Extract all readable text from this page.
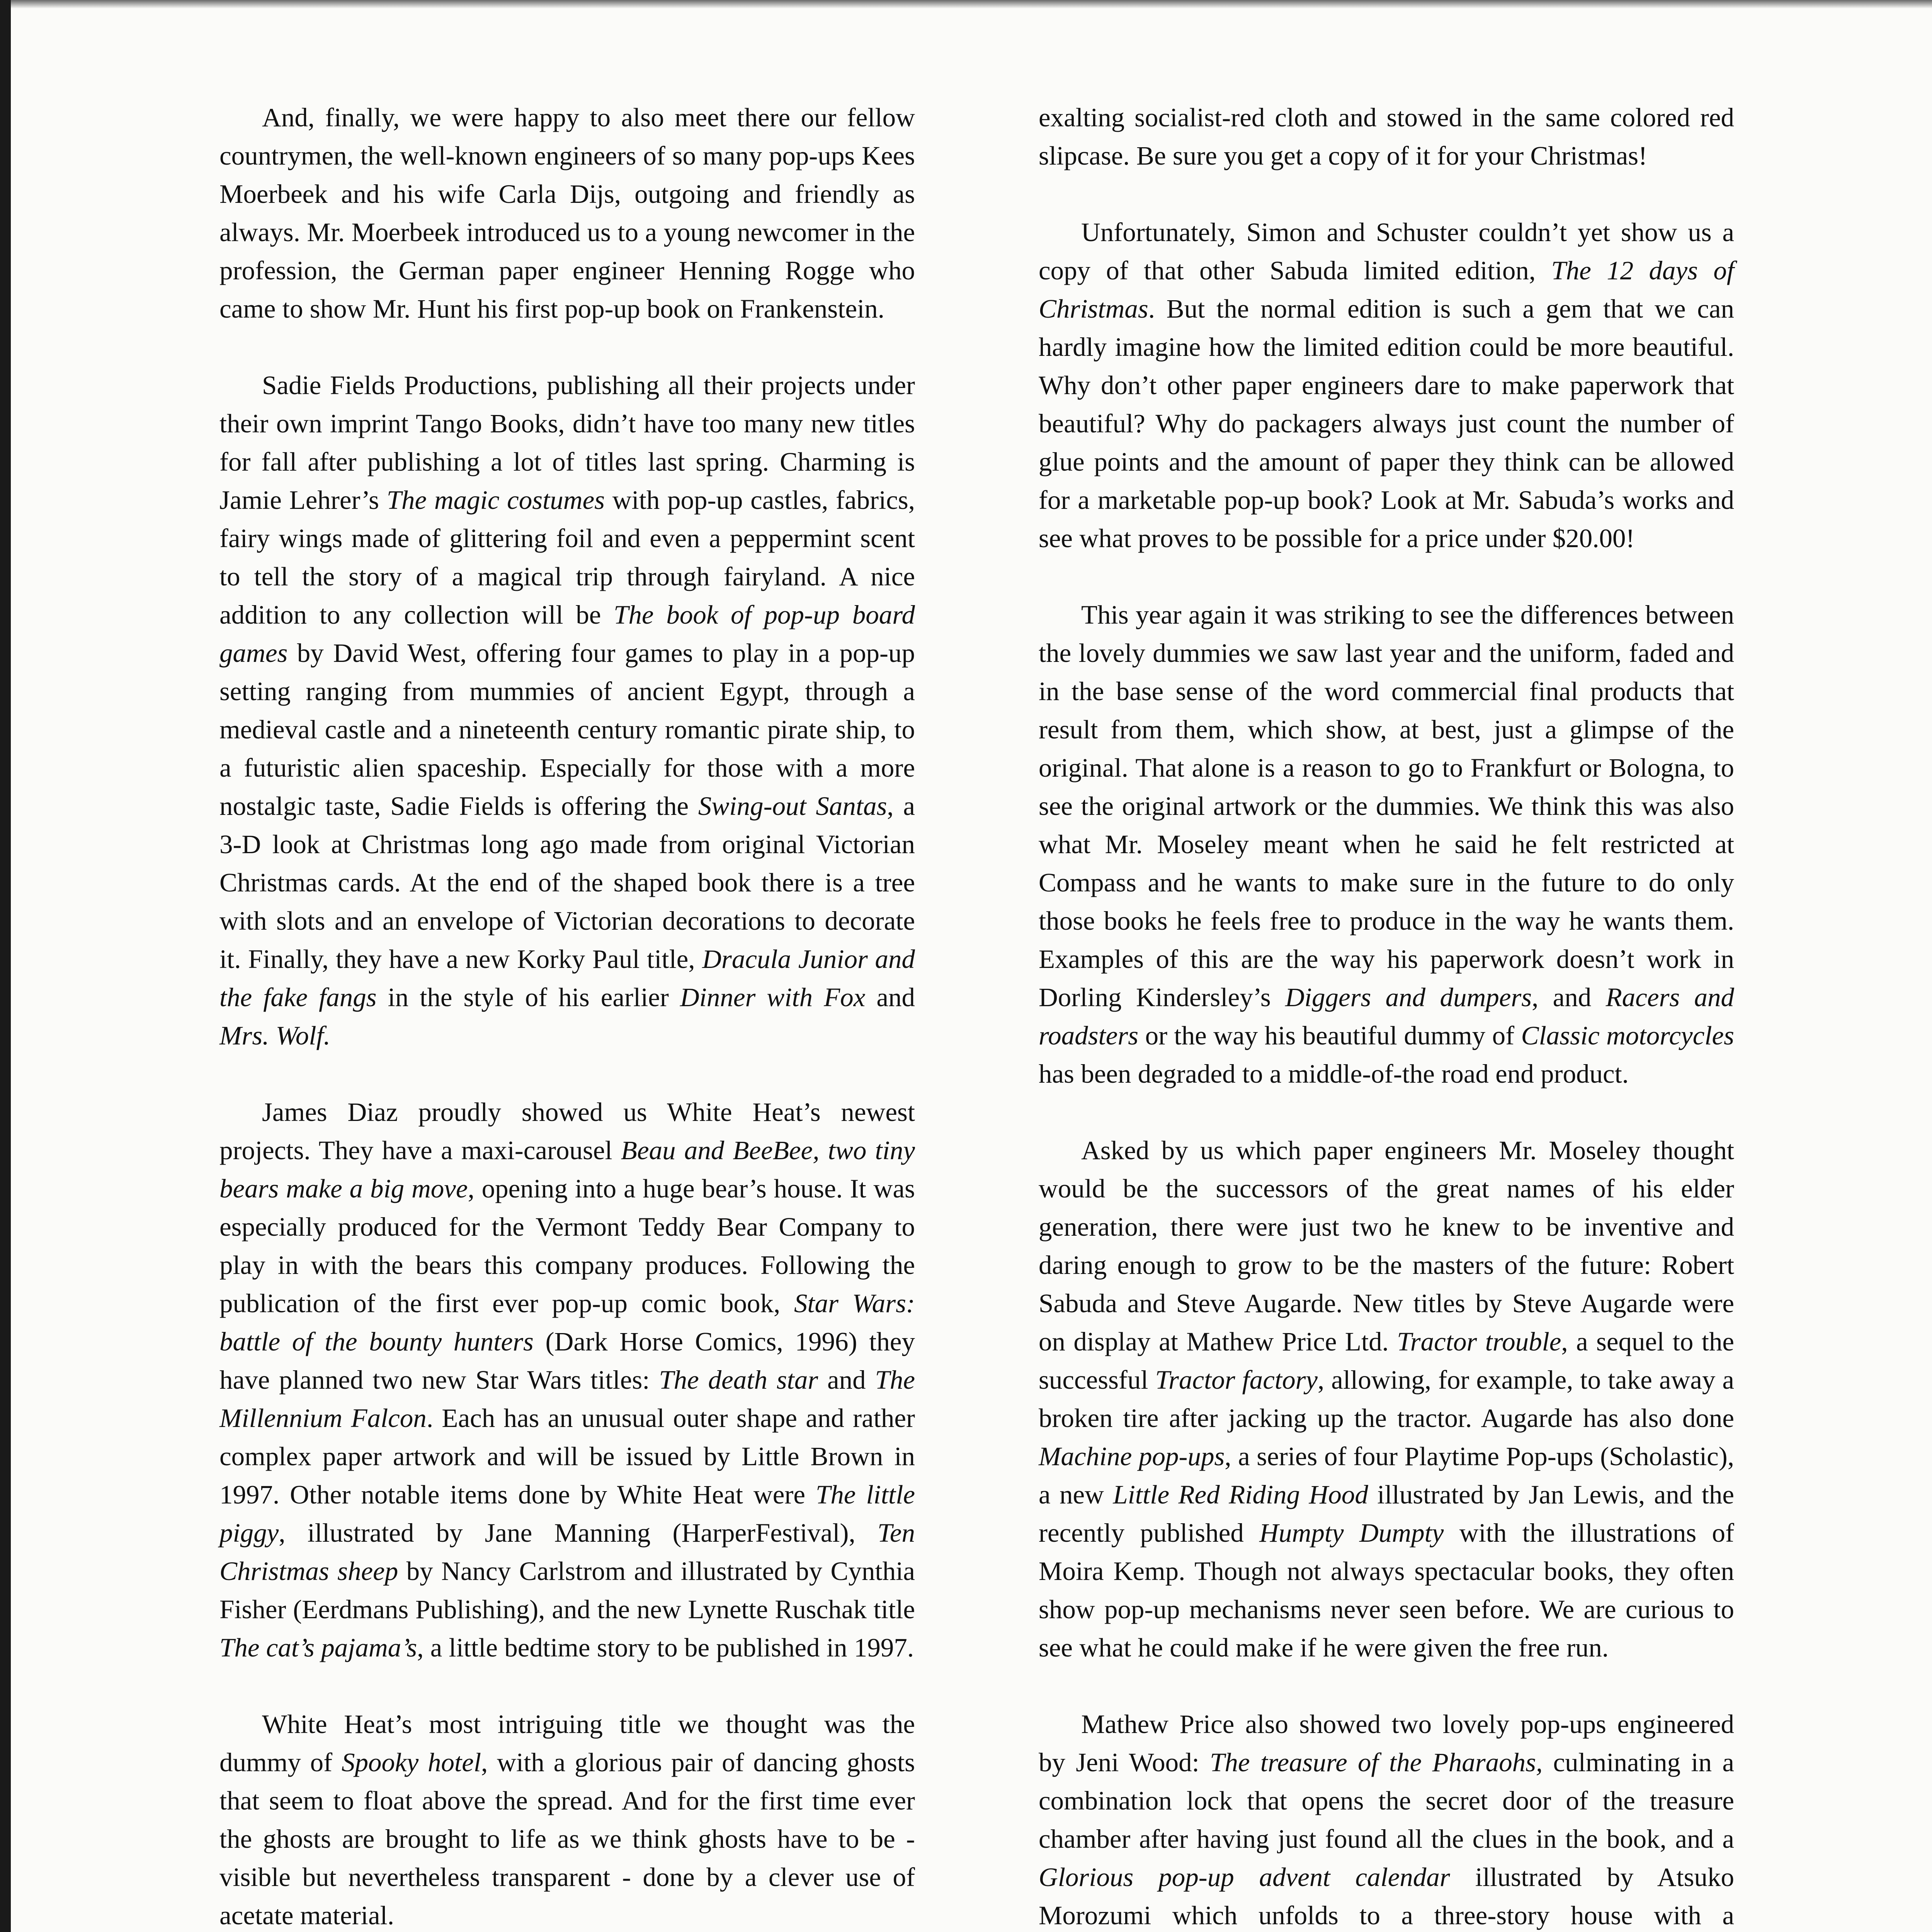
And, finally, we were happy to also meet there our fellow countrymen, the well-known engineers of so many pop-ups Kees Moerbeek and his wife Carla Dijs, outgoing and friendly as always. Mr. Moerbeek introduced us to a young newcomer in the profession, the German paper engineer Henning Rogge who came to show Mr. Hunt his first pop-up book on Frankenstein.

Sadie Fields Productions, publishing all their projects under their own imprint Tango Books, didn’t have too many new titles for fall after publishing a lot of titles last spring. Charming is Jamie Lehrer’s The magic costumes with pop-up castles, fabrics, fairy wings made of glittering foil and even a peppermint scent to tell the story of a magical trip through fairyland. A nice addition to any collection will be The book of pop-up board games by David West, offering four games to play in a pop-up setting ranging from mummies of ancient Egypt, through a medieval castle and a nineteenth century romantic pirate ship, to a futuristic alien spaceship. Especially for those with a more nostalgic taste, Sadie Fields is offering the Swing-out Santas, a 3-D look at Christmas long ago made from original Victorian Christmas cards. At the end of the shaped book there is a tree with slots and an envelope of Victorian decorations to decorate it. Finally, they have a new Korky Paul title, Dracula Junior and the fake fangs in the style of his earlier Dinner with Fox and Mrs. Wolf.

James Diaz proudly showed us White Heat’s newest projects. They have a maxi-carousel Beau and BeeBee, two tiny bears make a big move, opening into a huge bear’s house. It was especially produced for the Vermont Teddy Bear Company to play in with the bears this company produces. Following the publication of the first ever pop-up comic book, Star Wars: battle of the bounty hunters (Dark Horse Comics, 1996) they have planned two new Star Wars titles: The death star and The Millennium Falcon. Each has an unusual outer shape and rather complex paper artwork and will be issued by Little Brown in 1997. Other notable items done by White Heat were The little piggy, illustrated by Jane Manning (HarperFestival), Ten Christmas sheep by Nancy Carlstrom and illustrated by Cynthia Fisher (Eerdmans Publishing), and the new Lynette Ruschak title The cat’s pajama’s, a little bedtime story to be published in 1997.

White Heat’s most intriguing title we thought was the dummy of Spooky hotel, with a glorious pair of dancing ghosts that seem to float above the spread. And for the first time ever the ghosts are brought to life as we think ghosts have to be - visible but nevertheless transparent - done by a clever use of acetate material.

exalting socialist-red cloth and stowed in the same colored red slipcase. Be sure you get a copy of it for your Christmas!

Unfortunately, Simon and Schuster couldn’t yet show us a copy of that other Sabuda limited edition, The 12 days of Christmas. But the normal edition is such a gem that we can hardly imagine how the limited edition could be more beautiful. Why don’t other paper engineers dare to make paperwork that beautiful? Why do packagers always just count the number of glue points and the amount of paper they think can be allowed for a marketable pop-up book? Look at Mr. Sabuda’s works and see what proves to be possible for a price under $20.00!

This year again it was striking to see the differences between the lovely dummies we saw last year and the uniform, faded and in the base sense of the word commercial final products that result from them, which show, at best, just a glimpse of the original. That alone is a reason to go to Frankfurt or Bologna, to see the original artwork or the dummies. We think this was also what Mr. Moseley meant when he said he felt restricted at Compass and he wants to make sure in the future to do only those books he feels free to produce in the way he wants them. Examples of this are the way his paperwork doesn’t work in Dorling Kindersley’s Diggers and dumpers, and Racers and roadsters or the way his beautiful dummy of Classic motorcycles has been degraded to a middle-of-the road end product.

Asked by us which paper engineers Mr. Moseley thought would be the successors of the great names of his elder generation, there were just two he knew to be inventive and daring enough to grow to be the masters of the future: Robert Sabuda and Steve Augarde. New titles by Steve Augarde were on display at Mathew Price Ltd. Tractor trouble, a sequel to the successful Tractor factory, allowing, for example, to take away a broken tire after jacking up the tractor. Augarde has also done Machine pop-ups, a series of four Playtime Pop-ups (Scholastic), a new Little Red Riding Hood illustrated by Jan Lewis, and the recently published Humpty Dumpty with the illustrations of Moira Kemp. Though not always spectacular books, they often show pop-up mechanisms never seen before. We are curious to see what he could make if he were given the free run.

Mathew Price also showed two lovely pop-ups engineered by Jeni Wood: The treasure of the Pharaohs, culminating in a combination lock that opens the secret door of the treasure chamber after having just found all the clues in the book, and a Glorious pop-up advent calendar illustrated by Atsuko Morozumi which unfolds to a three-story house with a
